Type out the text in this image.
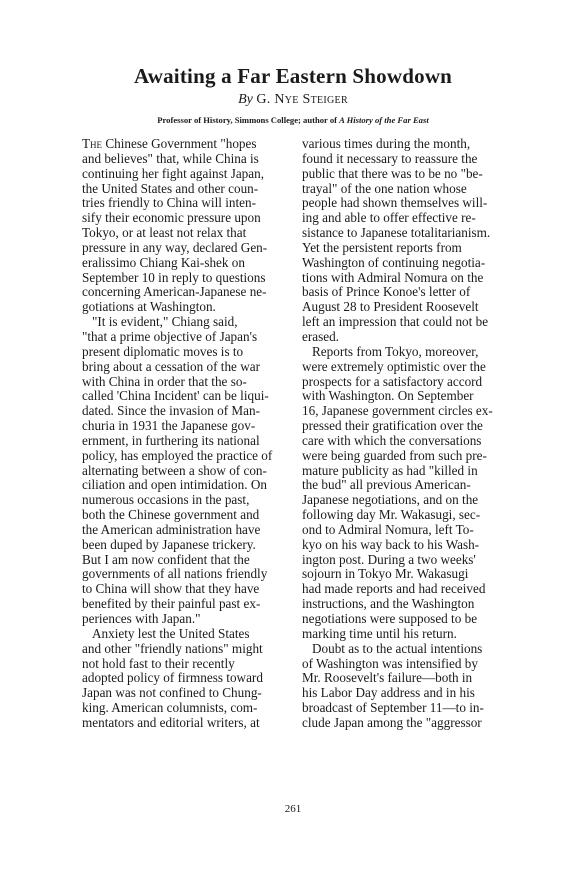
Awaiting a Far Eastern Showdown
By G. Nye Steiger
Professor of History, Simmons College; author of A History of the Far East
The Chinese Government "hopes
and believes" that, while China is
continuing her fight against Japan,
the United States and other coun-
tries friendly to China will inten-
sify their economic pressure upon
Tokyo, or at least not relax that
pressure in any way, declared Gen-
eralissimo Chiang Kai-shek on
September 10 in reply to questions
concerning American-Japanese ne-
gotiations at Washington.
"It is evident," Chiang said,
"that a prime objective of Japan's
present diplomatic moves is to
bring about a cessation of the war
with China in order that the so-
called 'China Incident' can be liqui-
dated. Since the invasion of Man-
churia in 1931 the Japanese gov-
ernment, in furthering its national
policy, has employed the practice of
alternating between a show of con-
ciliation and open intimidation. On
numerous occasions in the past,
both the Chinese government and
the American administration have
been duped by Japanese trickery.
But I am now confident that the
governments of all nations friendly
to China will show that they have
benefited by their painful past ex-
periences with Japan."
Anxiety lest the United States
and other "friendly nations" might
not hold fast to their recently
adopted policy of firmness toward
Japan was not confined to Chung-
king. American columnists, com-
mentators and editorial writers, at
various times during the month,
found it necessary to reassure the
public that there was to be no "be-
trayal" of the one nation whose
people had shown themselves will-
ing and able to offer effective re-
sistance to Japanese totalitarianism.
Yet the persistent reports from
Washington of continuing negotia-
tions with Admiral Nomura on the
basis of Prince Konoe's letter of
August 28 to President Roosevelt
left an impression that could not be
erased.
Reports from Tokyo, moreover,
were extremely optimistic over the
prospects for a satisfactory accord
with Washington. On September
16, Japanese government circles ex-
pressed their gratification over the
care with which the conversations
were being guarded from such pre-
mature publicity as had "killed in
the bud" all previous American-
Japanese negotiations, and on the
following day Mr. Wakasugi, sec-
ond to Admiral Nomura, left To-
kyo on his way back to his Wash-
ington post. During a two weeks'
sojourn in Tokyo Mr. Wakasugi
had made reports and had received
instructions, and the Washington
negotiations were supposed to be
marking time until his return.
Doubt as to the actual intentions
of Washington was intensified by
Mr. Roosevelt's failure—both in
his Labor Day address and in his
broadcast of September 11—to in-
clude Japan among the "aggressor
261
